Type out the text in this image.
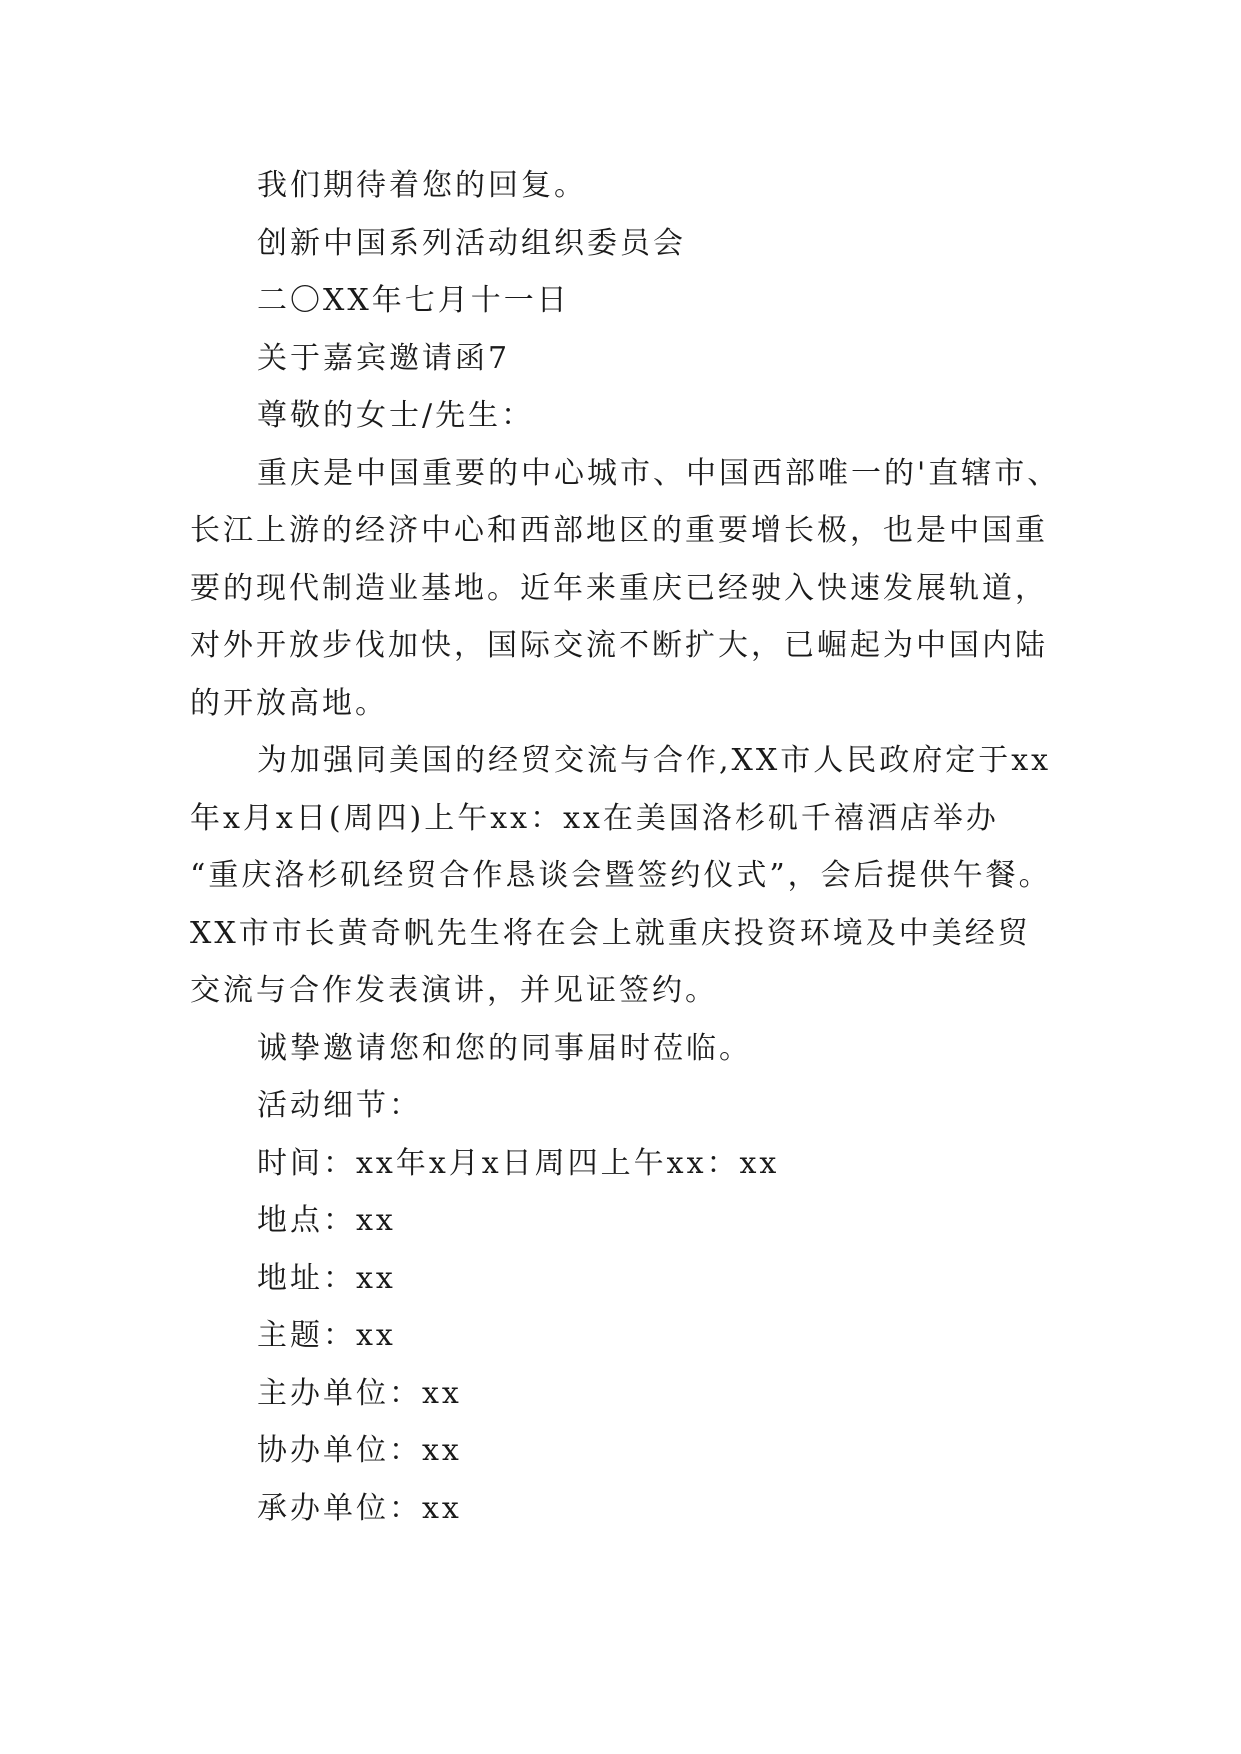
我们期待着您的回复。
创新中国系列活动组织委员会
二〇XX年七月十一日
关于嘉宾邀请函7
尊敬的女士/先生：
重庆是中国重要的中心城市、中国西部唯一的'直辖市、
长江上游的经济中心和西部地区的重要增长极，也是中国重
要的现代制造业基地。近年来重庆已经驶入快速发展轨道，
对外开放步伐加快，国际交流不断扩大，已崛起为中国内陆
的开放高地。
为加强同美国的经贸交流与合作,XX市人民政府定于xx
年x月x日(周四)上午xx：xx在美国洛杉矶千禧酒店举办
“重庆洛杉矶经贸合作恳谈会暨签约仪式”，会后提供午餐。
XX市市长黄奇帆先生将在会上就重庆投资环境及中美经贸
交流与合作发表演讲，并见证签约。
诚挚邀请您和您的同事届时莅临。
活动细节：
时间：xx年x月x日周四上午xx：xx
地点：xx
地址：xx
主题：xx
主办单位：xx
协办单位：xx
承办单位：xx
